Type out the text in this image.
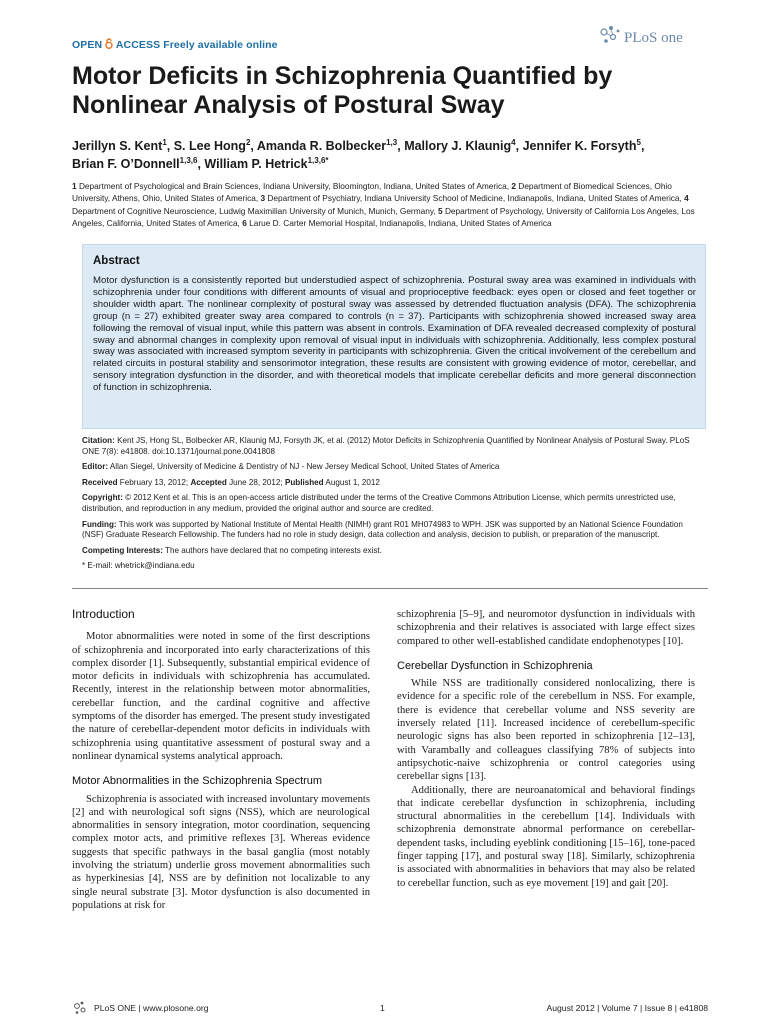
OPEN ACCESS Freely available online	PLoS one
Motor Deficits in Schizophrenia Quantified by Nonlinear Analysis of Postural Sway
Jerillyn S. Kent$^1$, S. Lee Hong$^2$, Amanda R. Bolbecker$^{1,3}$, Mallory J. Klaunig$^4$, Jennifer K. Forsyth$^5$,
Brian F. O’Donnell$^{1,3,6}$, William P. Hetrick$^{1,3,6*}$
1 Department of Psychological and Brain Sciences, Indiana University, Bloomington, Indiana, United States of America, 2 Department of Biomedical Sciences, Ohio University, Athens, Ohio, United States of America, 3 Department of Psychiatry, Indiana University School of Medicine, Indianapolis, Indiana, United States of America, 4 Department of Cognitive Neuroscience, Ludwig Maximilian University of Munich, Munich, Germany, 5 Department of Psychology, University of California Los Angeles, Los Angeles, California, United States of America, 6 Larue D. Carter Memorial Hospital, Indianapolis, Indiana, United States of America
Abstract
Motor dysfunction is a consistently reported but understudied aspect of schizophrenia. Postural sway area was examined in individuals with schizophrenia under four conditions with different amounts of visual and proprioceptive feedback: eyes open or closed and feet together or shoulder width apart. The nonlinear complexity of postural sway was assessed by detrended fluctuation analysis (DFA). The schizophrenia group (n = 27) exhibited greater sway area compared to controls (n = 37). Participants with schizophrenia showed increased sway area following the removal of visual input, while this pattern was absent in controls. Examination of DFA revealed decreased complexity of postural sway and abnormal changes in complexity upon removal of visual input in individuals with schizophrenia. Additionally, less complex postural sway was associated with increased symptom severity in participants with schizophrenia. Given the critical involvement of the cerebellum and related circuits in postural stability and sensorimotor integration, these results are consistent with growing evidence of motor, cerebellar, and sensory integration dysfunction in the disorder, and with theoretical models that implicate cerebellar deficits and more general disconnection of function in schizophrenia.

Citation: Kent JS, Hong SL, Bolbecker AR, Klaunig MJ, Forsyth JK, et al. (2012) Motor Deficits in Schizophrenia Quantified by Nonlinear Analysis of Postural Sway. PLoS ONE 7(8): e41808. doi:10.1371/journal.pone.0041808

Editor: Allan Siegel, University of Medicine & Dentistry of NJ - New Jersey Medical School, United States of America

Received February 13, 2012; Accepted June 28, 2012; Published August 1, 2012

Copyright: © 2012 Kent et al. This is an open-access article distributed under the terms of the Creative Commons Attribution License, which permits unrestricted use, distribution, and reproduction in any medium, provided the original author and source are credited.

Funding: This work was supported by National Institute of Mental Health (NIMH) grant R01 MH074983 to WPH. JSK was supported by an National Science Foundation (NSF) Graduate Research Fellowship. The funders had no role in study design, data collection and analysis, decision to publish, or preparation of the manuscript.

Competing Interests: The authors have declared that no competing interests exist.

* E-mail: whetrick@indiana.edu

Introduction

Motor abnormalities were noted in some of the first descriptions of schizophrenia and incorporated into early characterizations of this complex disorder [1]. Subsequently, substantial empirical evidence of motor deficits in individuals with schizophrenia has accumulated. Recently, interest in the relationship between motor abnormalities, cerebellar function, and the cardinal cognitive and affective symptoms of the disorder has emerged. The present study investigated the nature of cerebellar-dependent motor deficits in individuals with schizophrenia using quantitative assessment of postural sway and a nonlinear dynamical systems analytical approach.

Motor Abnormalities in the Schizophrenia Spectrum

Schizophrenia is associated with increased involuntary movements [2] and with neurological soft signs (NSS), which are neurological abnormalities in sensory integration, motor coordination, sequencing complex motor acts, and primitive reflexes [3]. Whereas evidence suggests that specific pathways in the basal ganglia (most notably involving the striatum) underlie gross movement abnormalities such as hyperkinesias [4], NSS are by definition not localizable to any single neural substrate [3]. Motor dysfunction is also documented in populations at risk for

schizophrenia [5–9], and neuromotor dysfunction in individuals with schizophrenia and their relatives is associated with large effect sizes compared to other well-established candidate endophenotypes [10].

Cerebellar Dysfunction in Schizophrenia

While NSS are traditionally considered nonlocalizing, there is evidence for a specific role of the cerebellum in NSS. For example, there is evidence that cerebellar volume and NSS severity are inversely related [11]. Increased incidence of cerebellum-specific neurologic signs has also been reported in schizophrenia [12–13], with Varambally and colleagues classifying 78% of subjects into antipsychotic-naive schizophrenia or control categories using cerebellar signs [13].

Additionally, there are neuroanatomical and behavioral findings that indicate cerebellar dysfunction in schizophrenia, including structural abnormalities in the cerebellum [14]. Individuals with schizophrenia demonstrate abnormal performance on cerebellar-dependent tasks, including eyeblink conditioning [15–16], tone-paced finger tapping [17], and postural sway [18]. Similarly, schizophrenia is associated with abnormalities in behaviors that may also be related to cerebellar function, such as eye movement [19] and gait [20].

PLoS ONE | www.plosone.org	1	August 2012 | Volume 7 | Issue 8 | e41808
